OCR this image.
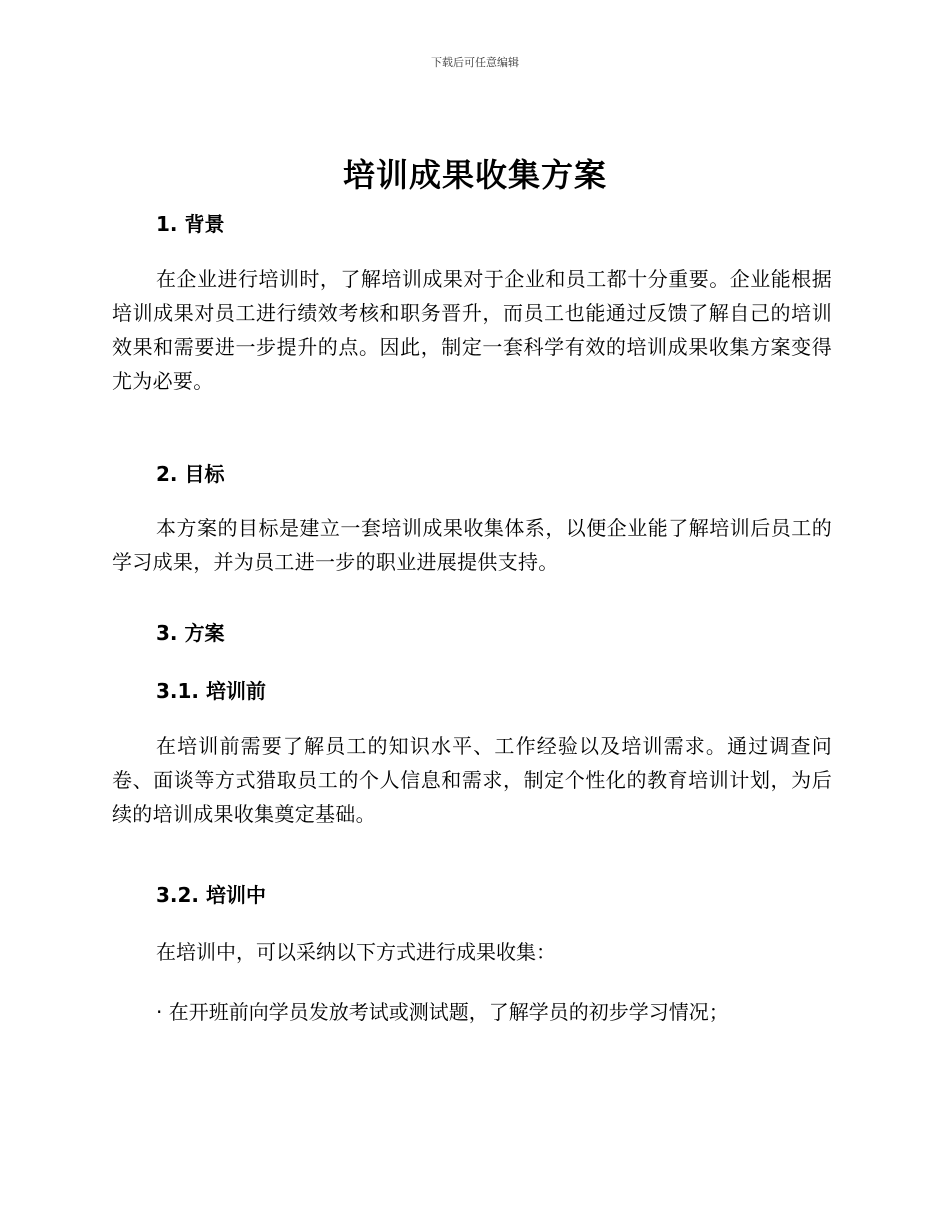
下载后可任意编辑
培训成果收集方案
1. 背景
在企业进行培训时，了解培训成果对于企业和员工都十分重要。企业能根据培训成果对员工进行绩效考核和职务晋升，而员工也能通过反馈了解自己的培训效果和需要进一步提升的点。因此，制定一套科学有效的培训成果收集方案变得尤为必要。
2. 目标
本方案的目标是建立一套培训成果收集体系，以便企业能了解培训后员工的学习成果，并为员工进一步的职业进展提供支持。
3. 方案
3.1. 培训前
在培训前需要了解员工的知识水平、工作经验以及培训需求。通过调查问卷、面谈等方式猎取员工的个人信息和需求，制定个性化的教育培训计划，为后续的培训成果收集奠定基础。
3.2. 培训中
在培训中，可以采纳以下方式进行成果收集：
· 在开班前向学员发放考试或测试题，了解学员的初步学习情况；
